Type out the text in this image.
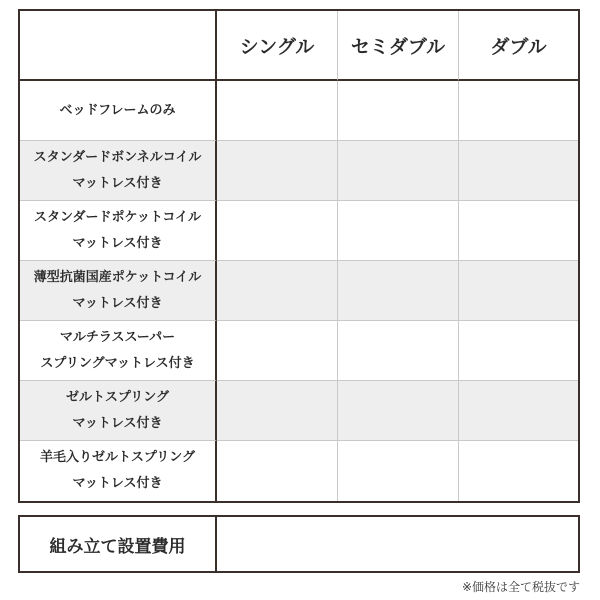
シングル	セミダブル	ダブル
ベッドフレームのみ
スタンダードボンネルコイル
マットレス付き
スタンダードポケットコイル
マットレス付き
薄型抗菌国産ポケットコイル
マットレス付き
マルチラススーパー
スプリングマットレス付き
ゼルトスプリング
マットレス付き
羊毛入りゼルトスプリング
マットレス付き
組み立て設置費用
※価格は全て税抜です
